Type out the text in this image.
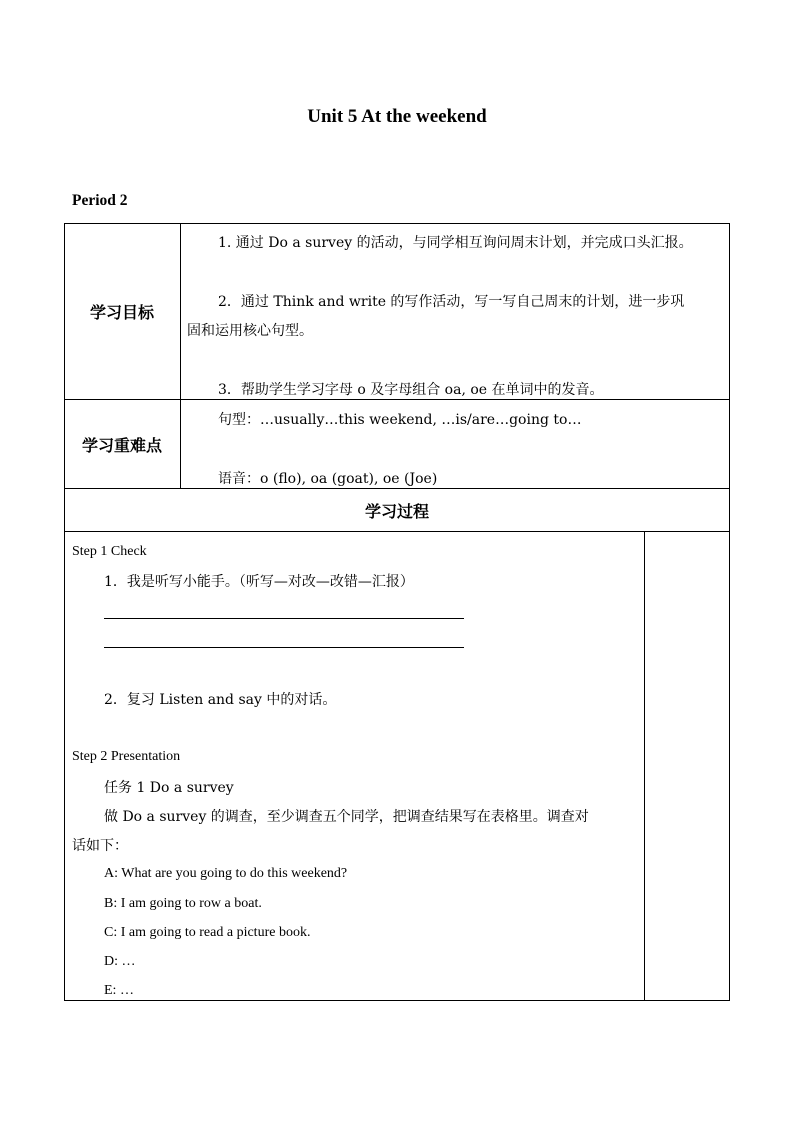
Unit 5 At the weekend
Period 2
学习目标
1. 通过 Do a survey 的活动，与同学相互询问周末计划，并完成口头汇报。
2．通过 Think and write 的写作活动，写一写自己周末的计划，进一步巩
固和运用核心句型。
3．帮助学生学习字母 o 及字母组合 oa, oe 在单词中的发音。
学习重难点
句型：…usually…this weekend, …is/are…going to…
语音：o (flo), oa (goat), oe (Joe)
学习过程
Step 1 Check
1．我是听写小能手。（听写—对改—改错—汇报）
2．复习 Listen and say 中的对话。
Step 2 Presentation
任务 1 Do a survey
做 Do a survey 的调查，至少调查五个同学，把调查结果写在表格里。调查对
话如下：
A: What are you going to do this weekend?
B: I am going to row a boat.
C: I am going to read a picture book.
D: …
E: …
